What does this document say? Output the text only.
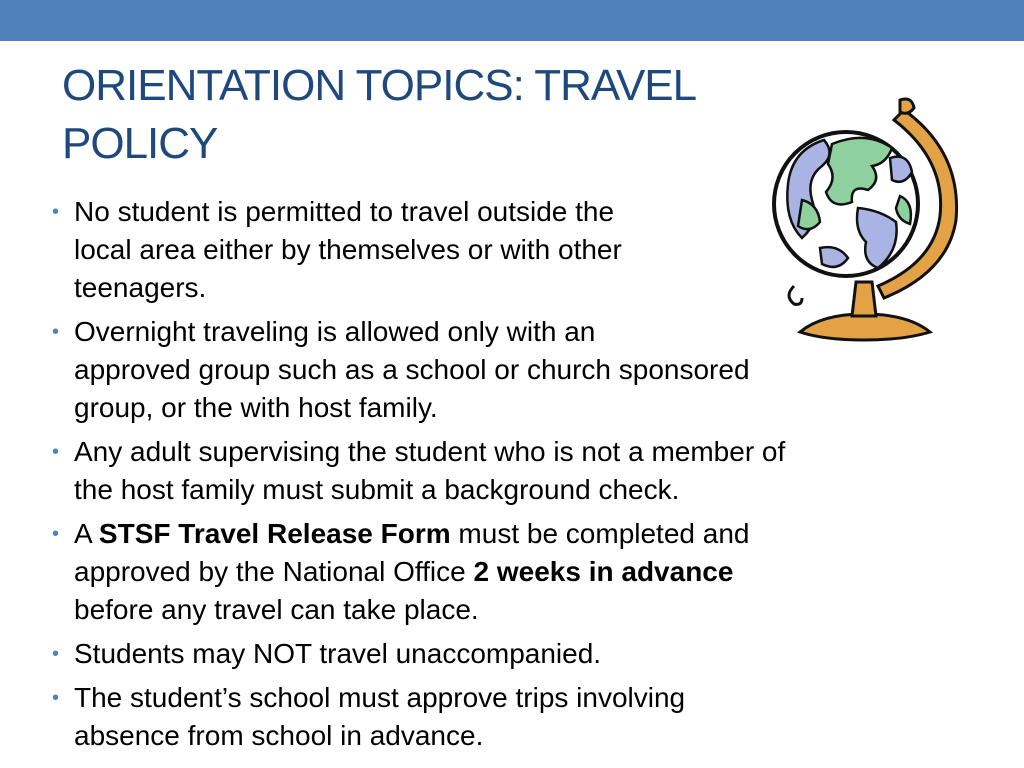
ORIENTATION TOPICS: TRAVEL POLICY
• No student is permitted to travel outside the
local area either by themselves or with other
teenagers.
• Overnight traveling is allowed only with an
approved group such as a school or church sponsored
group, or the with host family.
• Any adult supervising the student who is not a member of
the host family must submit a background check.
• A STSF Travel Release Form must be completed and
approved by the National Office 2 weeks in advance
before any travel can take place.
• Students may NOT travel unaccompanied.
• The student’s school must approve trips involving
absence from school in advance.
